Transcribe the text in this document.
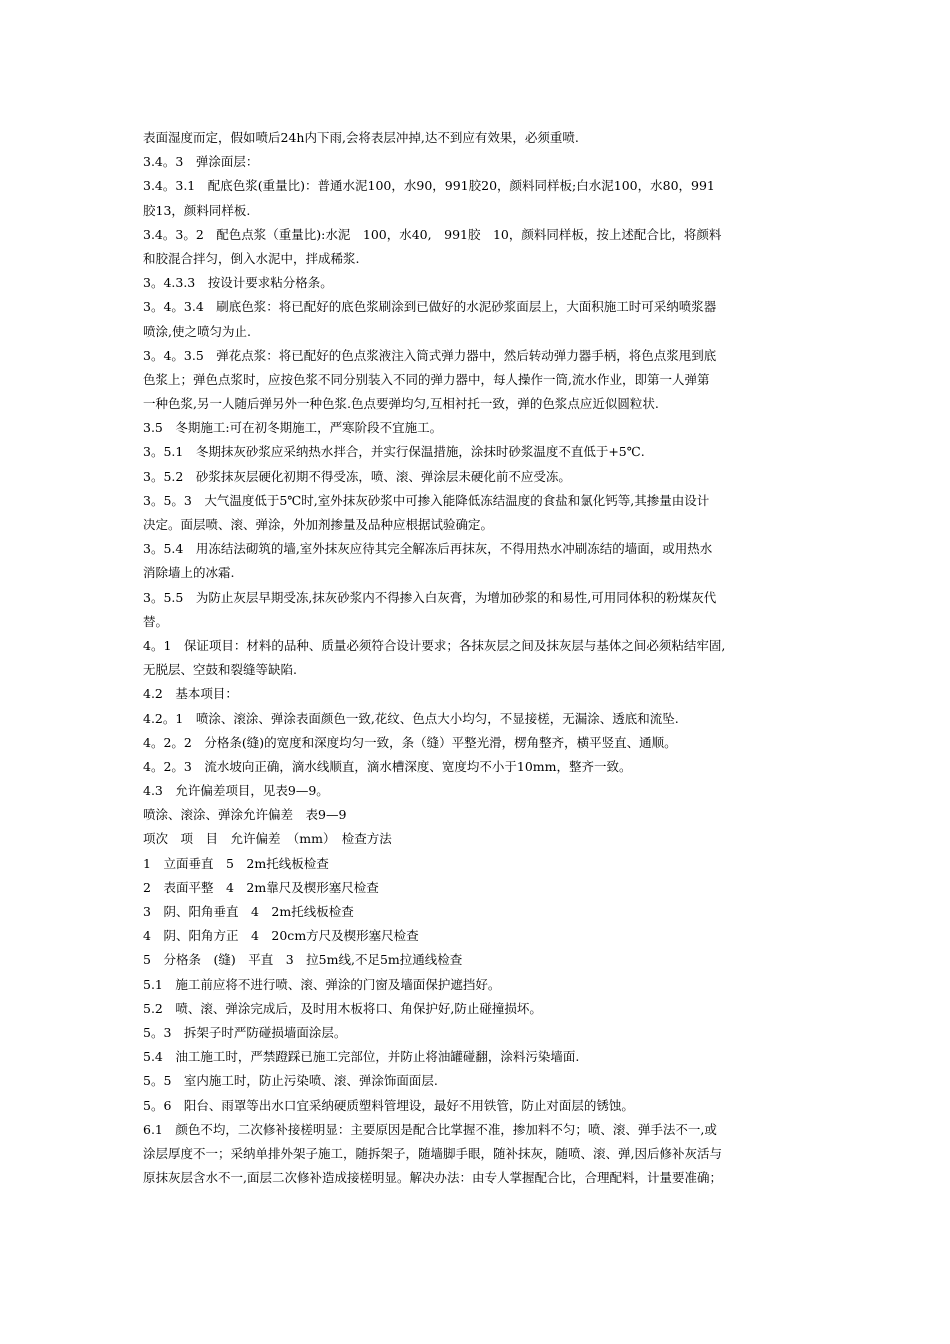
表面湿度而定，假如喷后24h内下雨,会将表层冲掉,达不到应有效果，必须重喷.
3.4。3　弹涂面层：
3.4。3.1　配底色浆(重量比)：普通水泥100，水90，991胶20，颜料同样板;白水泥100，水80，991
胶13，颜料同样板.
3.4。3。2　配色点浆（重量比):水泥　100，水40,　991胶　10，颜料同样板，按上述配合比，将颜料
和胶混合拌匀，倒入水泥中，拌成稀浆.
3。4.3.3　按设计要求粘分格条。
3。4。3.4　刷底色浆：将已配好的底色浆刷涂到已做好的水泥砂浆面层上，大面积施工时可采纳喷浆器
喷涂,使之喷匀为止.
3。4。3.5　弹花点浆：将已配好的色点浆液注入筒式弹力器中，然后转动弹力器手柄，将色点浆甩到底
色浆上；弹色点浆时，应按色浆不同分别装入不同的弹力器中，每人操作一筒,流水作业，即第一人弹第
一种色浆,另一人随后弹另外一种色浆.色点要弹均匀,互相衬托一致，弹的色浆点应近似圆粒状.
3.5　冬期施工:可在初冬期施工，严寒阶段不宜施工。
3。5.1　冬期抹灰砂浆应采纳热水拌合，并实行保温措施，涂抹时砂浆温度不直低于+5℃.
3。5.2　砂浆抹灰层硬化初期不得受冻，喷、滚、弹涂层未硬化前不应受冻。
3。5。3　大气温度低于5℃时,室外抹灰砂浆中可掺入能降低冻结温度的食盐和氯化钙等,其掺量由设计
决定。面层喷、滚、弹涂，外加剂掺量及品种应根据试验确定。
3。5.4　用冻结法砌筑的墙,室外抹灰应待其完全解冻后再抹灰，不得用热水冲刷冻结的墙面，或用热水
消除墙上的冰霜.
3。5.5　为防止灰层早期受冻,抹灰砂浆内不得掺入白灰膏，为增加砂浆的和易性,可用同体积的粉煤灰代
替。
4。1　保证项目：材料的品种、质量必须符合设计要求；各抹灰层之间及抹灰层与基体之间必须粘结牢固,
无脱层、空鼓和裂缝等缺陷.
4.2　基本项目：
4.2。1　喷涂、滚涂、弹涂表面颜色一致,花纹、色点大小均匀，不显接槎，无漏涂、透底和流坠.
4。2。2　分格条(缝)的宽度和深度均匀一致，条（缝）平整光滑，楞角整齐，横平竖直、通顺。
4。2。3　流水坡向正确，滴水线顺直，滴水槽深度、宽度均不小于10mm，整齐一致。
4.3　允许偏差项目，见表9—9。
喷涂、滚涂、弹涂允许偏差　表9—9
项次　项　目　允许偏差　（mm）　检查方法
1　立面垂直　5　2m托线板检查
2　表面平整　4　2m靠尺及楔形塞尺检查
3　阴、阳角垂直　4　2m托线板检查
4　阴、阳角方正　4　20cm方尺及楔形塞尺检查
5　分格条　(缝)　平直　3　拉5m线,不足5m拉通线检查
5.1　施工前应将不进行喷、滚、弹涂的门窗及墙面保护遮挡好。
5.2　喷、滚、弹涂完成后，及时用木板将口、角保护好,防止碰撞损坏。
5。3　拆架子时严防碰损墙面涂层。
5.4　油工施工时，严禁蹬踩已施工完部位，并防止将油罐碰翻，涂料污染墙面.
5。5　室内施工时，防止污染喷、滚、弹涂饰面面层.
5。6　阳台、雨罩等出水口宜采纳硬质塑料管埋设，最好不用铁管，防止对面层的锈蚀。
6.1　颜色不均，二次修补接槎明显：主要原因是配合比掌握不准，掺加料不匀；喷、滚、弹手法不一,或
涂层厚度不一；采纳单排外架子施工，随拆架子，随墙脚手眼，随补抹灰，随喷、滚、弹,因后修补灰活与
原抹灰层含水不一,面层二次修补造成接槎明显。解决办法：由专人掌握配合比，合理配料，计量要准确；
